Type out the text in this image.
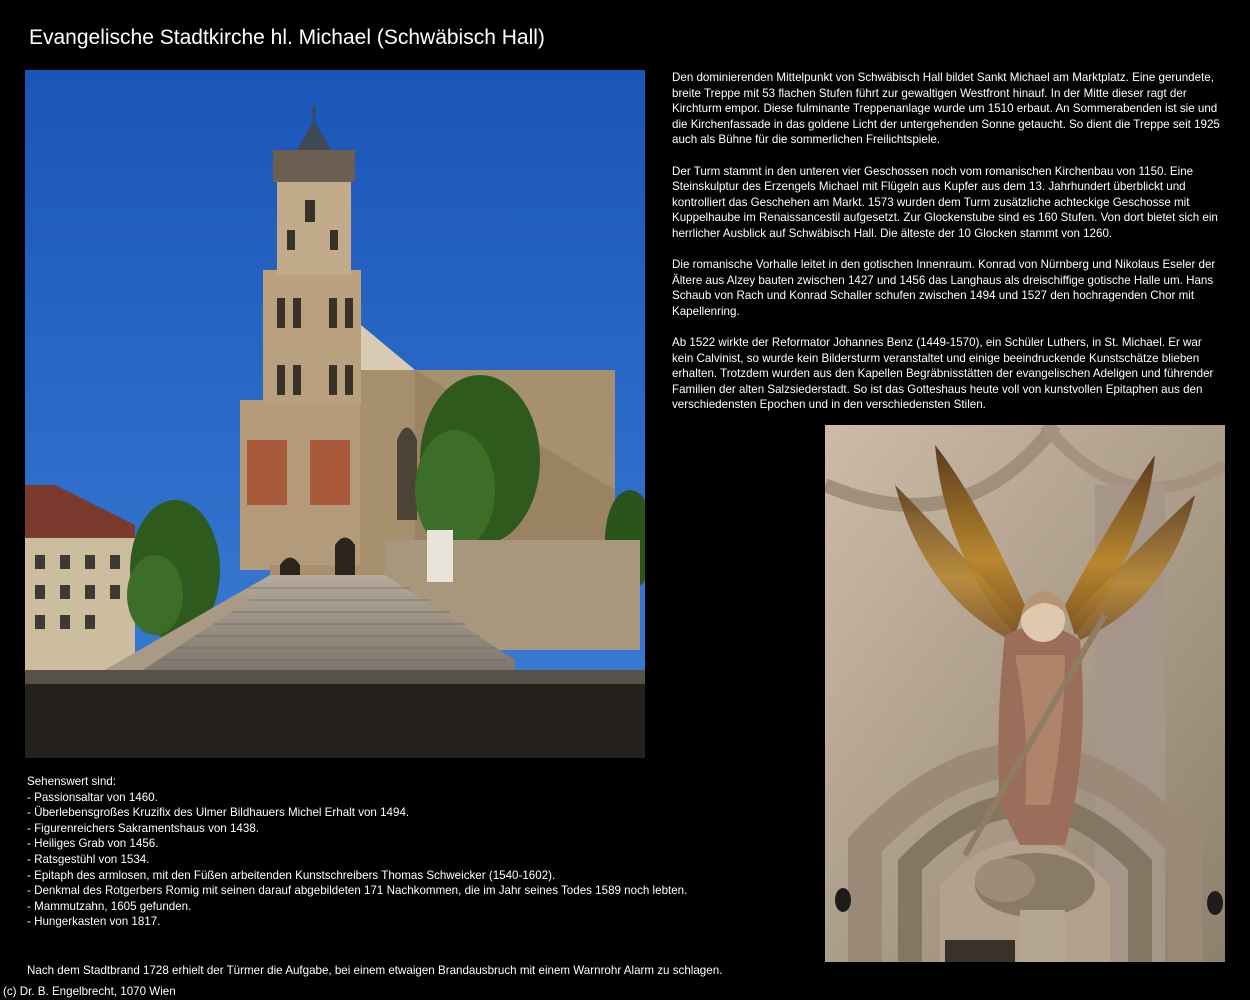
Evangelische Stadtkirche hl. Michael (Schwäbisch Hall)

Den dominierenden Mittelpunkt von Schwäbisch Hall bildet Sankt Michael am Marktplatz. Eine gerundete, breite Treppe mit 53 flachen Stufen führt zur gewaltigen Westfront hinauf. In der Mitte dieser ragt der Kirchturm empor. Diese fulminante Treppenanlage wurde um 1510 erbaut. An Sommerabenden ist sie und die Kirchenfassade in das goldene Licht der untergehenden Sonne getaucht. So dient die Treppe seit 1925 auch als Bühne für die sommerlichen Freilichtspiele.

Der Turm stammt in den unteren vier Geschossen noch vom romanischen Kirchenbau von 1150. Eine Steinskulptur des Erzengels Michael mit Flügeln aus Kupfer aus dem 13. Jahrhundert überblickt und kontrolliert das Geschehen am Markt. 1573 wurden dem Turm zusätzliche achteckige Geschosse mit Kuppelhaube im Renaissancestil aufgesetzt. Zur Glockenstube sind es 160 Stufen. Von dort bietet sich ein herrlicher Ausblick auf Schwäbisch Hall. Die älteste der 10 Glocken stammt von 1260.

Die romanische Vorhalle leitet in den gotischen Innenraum. Konrad von Nürnberg und Nikolaus Eseler der Ältere aus Alzey bauten zwischen 1427 und 1456 das Langhaus als dreischiffige gotische Halle um. Hans Schaub von Rach und Konrad Schaller schufen zwischen 1494 und 1527 den hochragenden Chor mit Kapellenring.

Ab 1522 wirkte der Reformator Johannes Benz (1449-1570), ein Schüler Luthers, in St. Michael. Er war kein Calvinist, so wurde kein Bildersturm veranstaltet und einige beeindruckende Kunstschätze blieben erhalten. Trotzdem wurden aus den Kapellen Begräbnisstätten der evangelischen Adeligen und führender Familien der alten Salzsiederstadt. So ist das Gotteshaus heute voll von kunstvollen Epitaphen aus den verschiedensten Epochen und in den verschiedensten Stilen.

Sehenswert sind:
- Passionsaltar von 1460.
- Überlebensgroßes Kruzifix des Ulmer Bildhauers Michel Erhalt von 1494.
- Figurenreichers Sakramentshaus von 1438.
- Heiliges Grab von 1456.
- Ratsgestühl von 1534.
- Epitaph des armlosen, mit den Füßen arbeitenden Kunstschreibers Thomas Schweicker (1540-1602).
- Denkmal des Rotgerbers Romig mit seinen darauf abgebildeten 171 Nachkommen, die im Jahr seines Todes 1589 noch lebten.
- Mammutzahn, 1605 gefunden.
- Hungerkasten von 1817.
Nach dem Stadtbrand 1728 erhielt der Türmer die Aufgabe, bei einem etwaigen Brandausbruch mit einem Warnrohr Alarm zu schlagen.
(c) Dr. B. Engelbrecht, 1070 Wien
